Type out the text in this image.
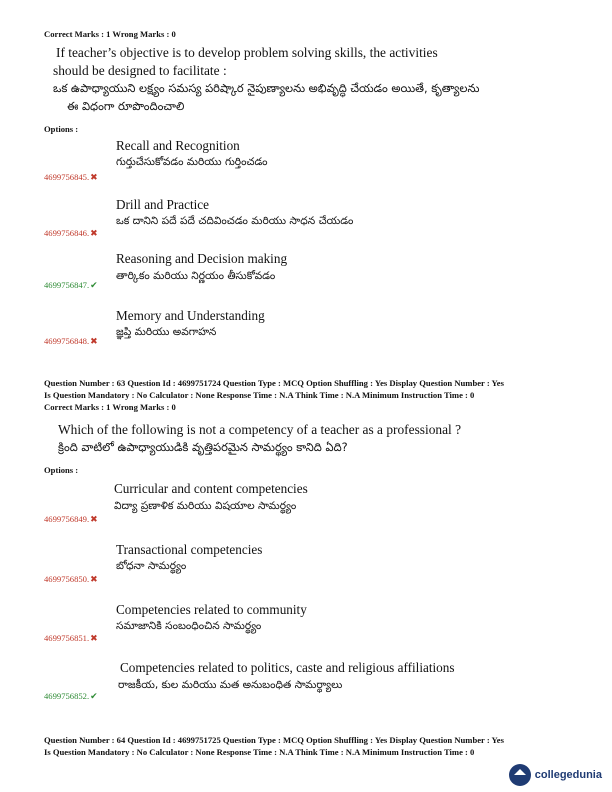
Correct Marks : 1 Wrong Marks : 0
If teacher’s objective is to develop problem solving skills, the activities
should be designed to facilitate :
ఒక ఉపాధ్యాయుని లక్ష్యం సమస్య పరిష్కార నైపుణ్యాలను అభివృద్ధి చేయడం అయితే, కృత్యాలను
ఈ విధంగా రూపొందించాలి
Options :
Recall and Recognition
గుర్తుచేసుకోవడం మరియు గుర్తించడం
4699756845.✖
Drill and Practice
ఒక దానిని పదే పదే చదివించడం మరియు సాధన చేయడం
4699756846.✖
Reasoning and Decision making
తార్కికం మరియు నిర్ణయం తీసుకోవడం
4699756847.✔
Memory and Understanding
జ్ఞప్తి మరియు అవగాహన
4699756848.✖
Question Number : 63 Question Id : 4699751724 Question Type : MCQ Option Shuffling : Yes Display Question Number : Yes
Is Question Mandatory : No Calculator : None Response Time : N.A Think Time : N.A Minimum Instruction Time : 0
Correct Marks : 1 Wrong Marks : 0
Which of the following is not a competency of a teacher as a professional ?
క్రింది వాటిలో ఉపాధ్యాయుడికి వృత్తిపరమైన సామర్థ్యం కానిది ఏది?
Options :
Curricular and content competencies
విద్యా ప్రణాళిక మరియు విషయాల సామర్థ్యం
4699756849.✖
Transactional competencies
బోధనా సామర్థ్యం
4699756850.✖
Competencies related to community
సమాజానికి సంబంధించిన సామర్థ్యం
4699756851.✖
Competencies related to politics, caste and religious affiliations
రాజకీయ, కుల మరియు మత అనుబంధిత సామర్థ్యాలు
4699756852.✔
Question Number : 64 Question Id : 4699751725 Question Type : MCQ Option Shuffling : Yes Display Question Number : Yes
Is Question Mandatory : No Calculator : None Response Time : N.A Think Time : N.A Minimum Instruction Time : 0
collegedunia
